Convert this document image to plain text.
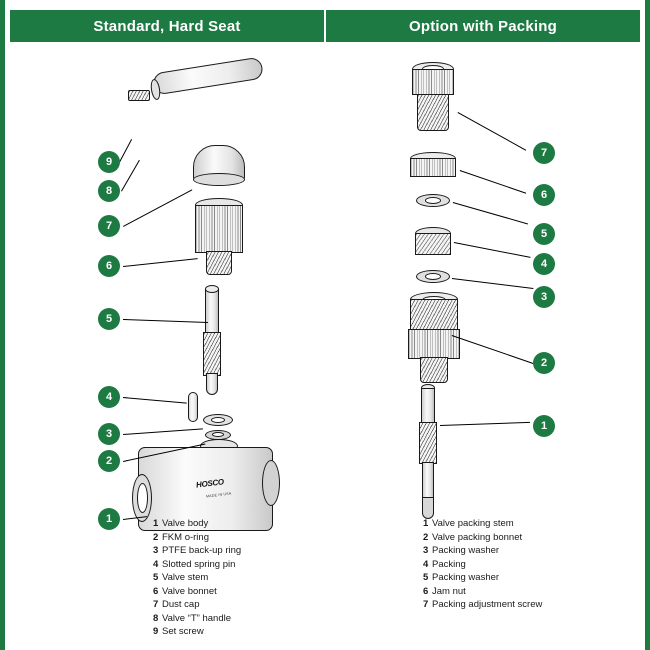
Standard, Hard Seat	Option with Packing
HOSCO
MADE IN USA
9
8
7
6
5
4
3
2
1
7
6
5
4
3
2
1
1 Valve body
2 FKM o-ring
3 PTFE back-up ring
4 Slotted spring pin
5 Valve stem
6 Valve bonnet
7 Dust cap
8 Valve “T” handle
9 Set screw
1 Valve packing stem
2 Valve packing bonnet
3 Packing washer
4 Packing
5 Packing washer
6 Jam nut
7 Packing adjustment screw
